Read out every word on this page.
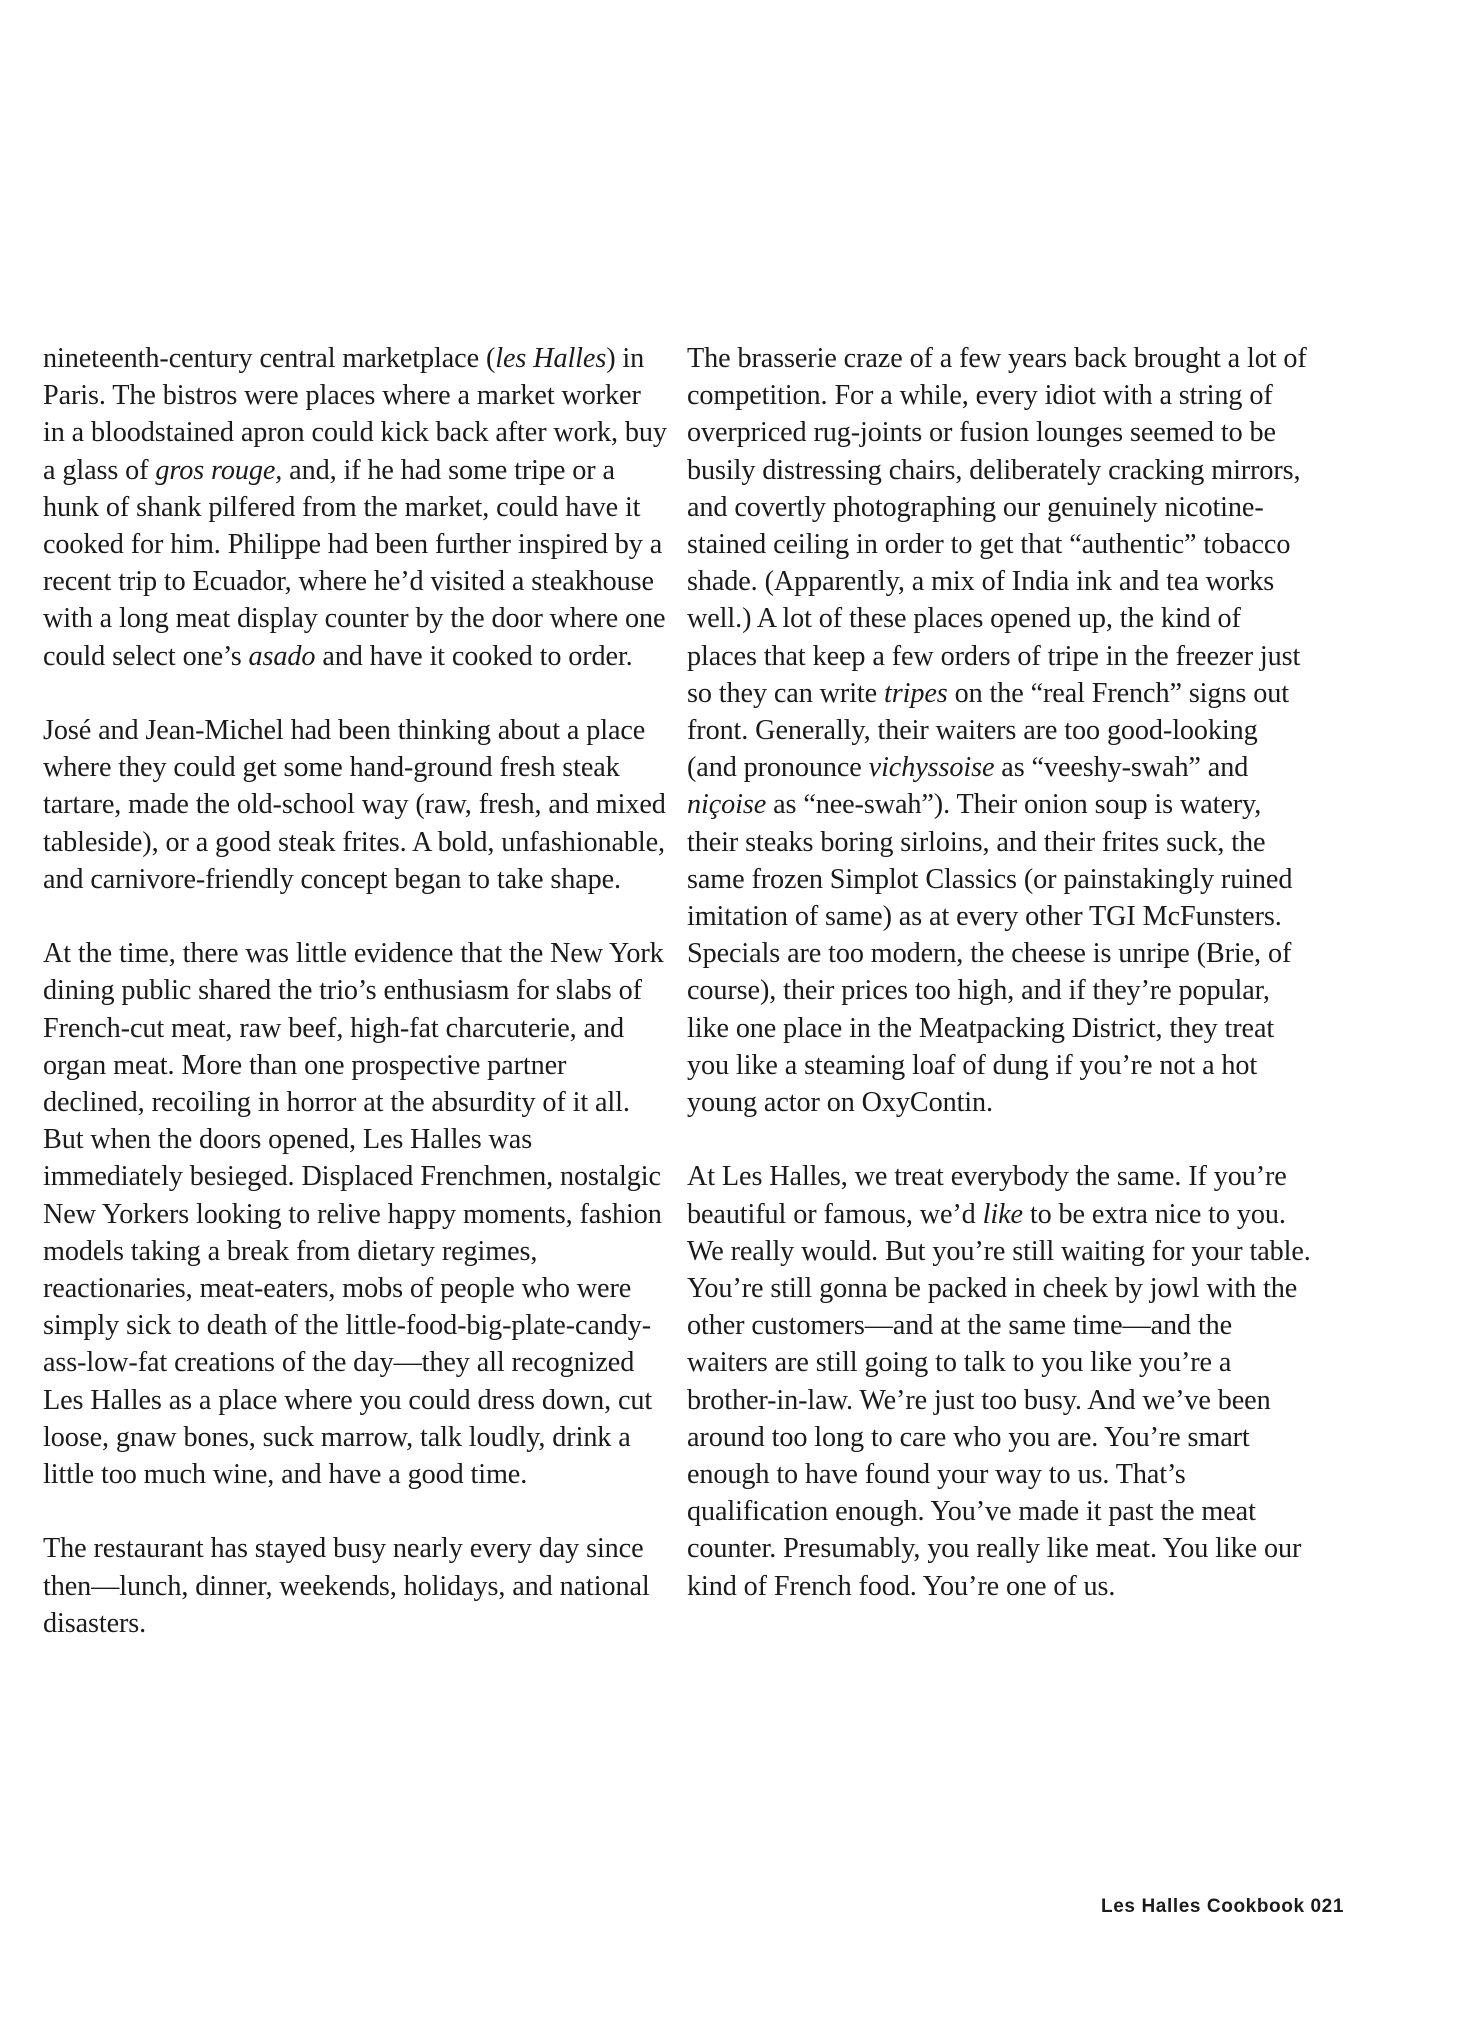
nineteenth-century central marketplace (les Halles) in Paris. The bistros were places where a market worker in a bloodstained apron could kick back after work, buy a glass of gros rouge, and, if he had some tripe or a hunk of shank pilfered from the market, could have it cooked for him. Philippe had been further inspired by a recent trip to Ecuador, where he’d visited a steakhouse with a long meat display counter by the door where one could select one’s asado and have it cooked to order.

José and Jean-Michel had been thinking about a place where they could get some hand-ground fresh steak tartare, made the old-school way (raw, fresh, and mixed tableside), or a good steak frites. A bold, unfashionable, and carnivore-friendly concept began to take shape.

At the time, there was little evidence that the New York dining public shared the trio’s enthusiasm for slabs of French-cut meat, raw beef, high-fat charcuterie, and organ meat. More than one prospective partner declined, recoiling in horror at the absurdity of it all. But when the doors opened, Les Halles was immediately besieged. Displaced Frenchmen, nostalgic New Yorkers looking to relive happy moments, fashion models taking a break from dietary regimes, reactionaries, meat-eaters, mobs of people who were simply sick to death of the little-food-big-plate-candy-ass-low-fat creations of the day—they all recognized Les Halles as a place where you could dress down, cut loose, gnaw bones, suck marrow, talk loudly, drink a little too much wine, and have a good time.

The restaurant has stayed busy nearly every day since then—lunch, dinner, weekends, holidays, and national disasters.

The brasserie craze of a few years back brought a lot of competition. For a while, every idiot with a string of overpriced rug-joints or fusion lounges seemed to be busily distressing chairs, deliberately cracking mirrors, and covertly photographing our genuinely nicotine-stained ceiling in order to get that “authentic” tobacco shade. (Apparently, a mix of India ink and tea works well.) A lot of these places opened up, the kind of places that keep a few orders of tripe in the freezer just so they can write tripes on the “real French” signs out front. Generally, their waiters are too good-looking (and pronounce vichyssoise as “veeshy-swah” and niçoise as “nee-swah”). Their onion soup is watery, their steaks boring sirloins, and their frites suck, the same frozen Simplot Classics (or painstakingly ruined imitation of same) as at every other TGI McFunsters. Specials are too modern, the cheese is unripe (Brie, of course), their prices too high, and if they’re popular, like one place in the Meatpacking District, they treat you like a steaming loaf of dung if you’re not a hot young actor on OxyContin.

At Les Halles, we treat everybody the same. If you’re beautiful or famous, we’d like to be extra nice to you. We really would. But you’re still waiting for your table. You’re still gonna be packed in cheek by jowl with the other customers—and at the same time—and the waiters are still going to talk to you like you’re a brother-in-law. We’re just too busy. And we’ve been around too long to care who you are. You’re smart enough to have found your way to us. That’s qualification enough. You’ve made it past the meat counter. Presumably, you really like meat. You like our kind of French food. You’re one of us.

Les Halles Cookbook 021
